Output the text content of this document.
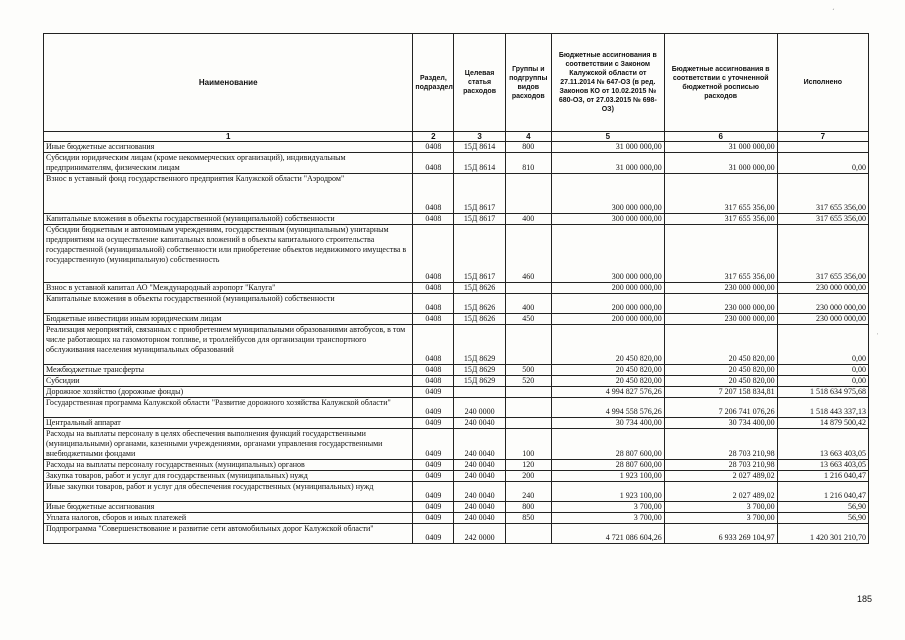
Наименование	Раздел, подраздел	Целевая статья расходов	Группы и подгруппы видов расходов	Бюджетные ассигнования в соответствии с Законом Калужской области от 27.11.2014 № 647-ОЗ (в ред. Законов КО от 10.02.2015 № 680-ОЗ, от 27.03.2015 № 698-ОЗ)	Бюджетные ассигнования в соответствии с уточненной бюджетной росписью расходов	Исполнено
1	2	3	4	5	6	7
Иные бюджетные ассигнования	0408	15Д 8614	800	31 000 000,00	31 000 000,00	
Субсидии юридическим лицам (кроме некоммерческих организаций), индивидуальным предпринимателям, физическим лицам	0408	15Д 8614	810	31 000 000,00	31 000 000,00	0,00
Взнос в уставный фонд государственного предприятия Калужской области "Аэродром"	0408	15Д 8617		300 000 000,00	317 655 356,00	317 655 356,00
Капитальные вложения в объекты государственной (муниципальной) собственности	0408	15Д 8617	400	300 000 000,00	317 655 356,00	317 655 356,00
Субсидии бюджетным и автономным учреждениям, государственным (муниципальным) унитарным предприятиям на осуществление капитальных вложений в объекты капитального строительства государственной (муниципальной) собственности или приобретение объектов недвижимого имущества в государственную (муниципальную) собственность	0408	15Д 8617	460	300 000 000,00	317 655 356,00	317 655 356,00
Взнос в уставной капитал АО "Международный аэропорт "Калуга"	0408	15Д 8626		200 000 000,00	230 000 000,00	230 000 000,00
Капитальные вложения в объекты государственной (муниципальной) собственности	0408	15Д 8626	400	200 000 000,00	230 000 000,00	230 000 000,00
Бюджетные инвестиции иным юридическим лицам	0408	15Д 8626	450	200 000 000,00	230 000 000,00	230 000 000,00
Реализация мероприятий, связанных с приобретением муниципальными образованиями автобусов, в том числе работающих на газомоторном топливе, и троллейбусов для организации транспортного обслуживания населения муниципальных образований	0408	15Д 8629		20 450 820,00	20 450 820,00	0,00
Межбюджетные трансферты	0408	15Д 8629	500	20 450 820,00	20 450 820,00	0,00
Субсидии	0408	15Д 8629	520	20 450 820,00	20 450 820,00	0,00
Дорожное хозяйство (дорожные фонды)	0409			4 994 827 576,26	7 207 158 834,81	1 518 634 975,68
Государственная программа Калужской области "Развитие дорожного хозяйства Калужской области"	0409	240 0000		4 994 558 576,26	7 206 741 076,26	1 518 443 337,13
Центральный аппарат	0409	240 0040		30 734 400,00	30 734 400,00	14 879 500,42
Расходы на выплаты персоналу в целях обеспечения выполнения функций государственными (муниципальными) органами, казенными учреждениями, органами управления государственными внебюджетными фондами	0409	240 0040	100	28 807 600,00	28 703 210,98	13 663 403,05
Расходы на выплаты персоналу государственных (муниципальных) органов	0409	240 0040	120	28 807 600,00	28 703 210,98	13 663 403,05
Закупка товаров, работ и услуг для государственных (муниципальных) нужд	0409	240 0040	200	1 923 100,00	2 027 489,02	1 216 040,47
Иные закупки товаров, работ и услуг для обеспечения государственных (муниципальных) нужд	0409	240 0040	240	1 923 100,00	2 027 489,02	1 216 040,47
Иные бюджетные ассигнования	0409	240 0040	800	3 700,00	3 700,00	56,90
Уплата налогов, сборов и иных платежей	0409	240 0040	850	3 700,00	3 700,00	56,90
Подпрограмма "Совершенствование и развитие сети автомобильных дорог Калужской области"	0409	242 0000		4 721 086 604,26	6 933 269 104,97	1 420 301 210,70
185
ˊ
ˌ
